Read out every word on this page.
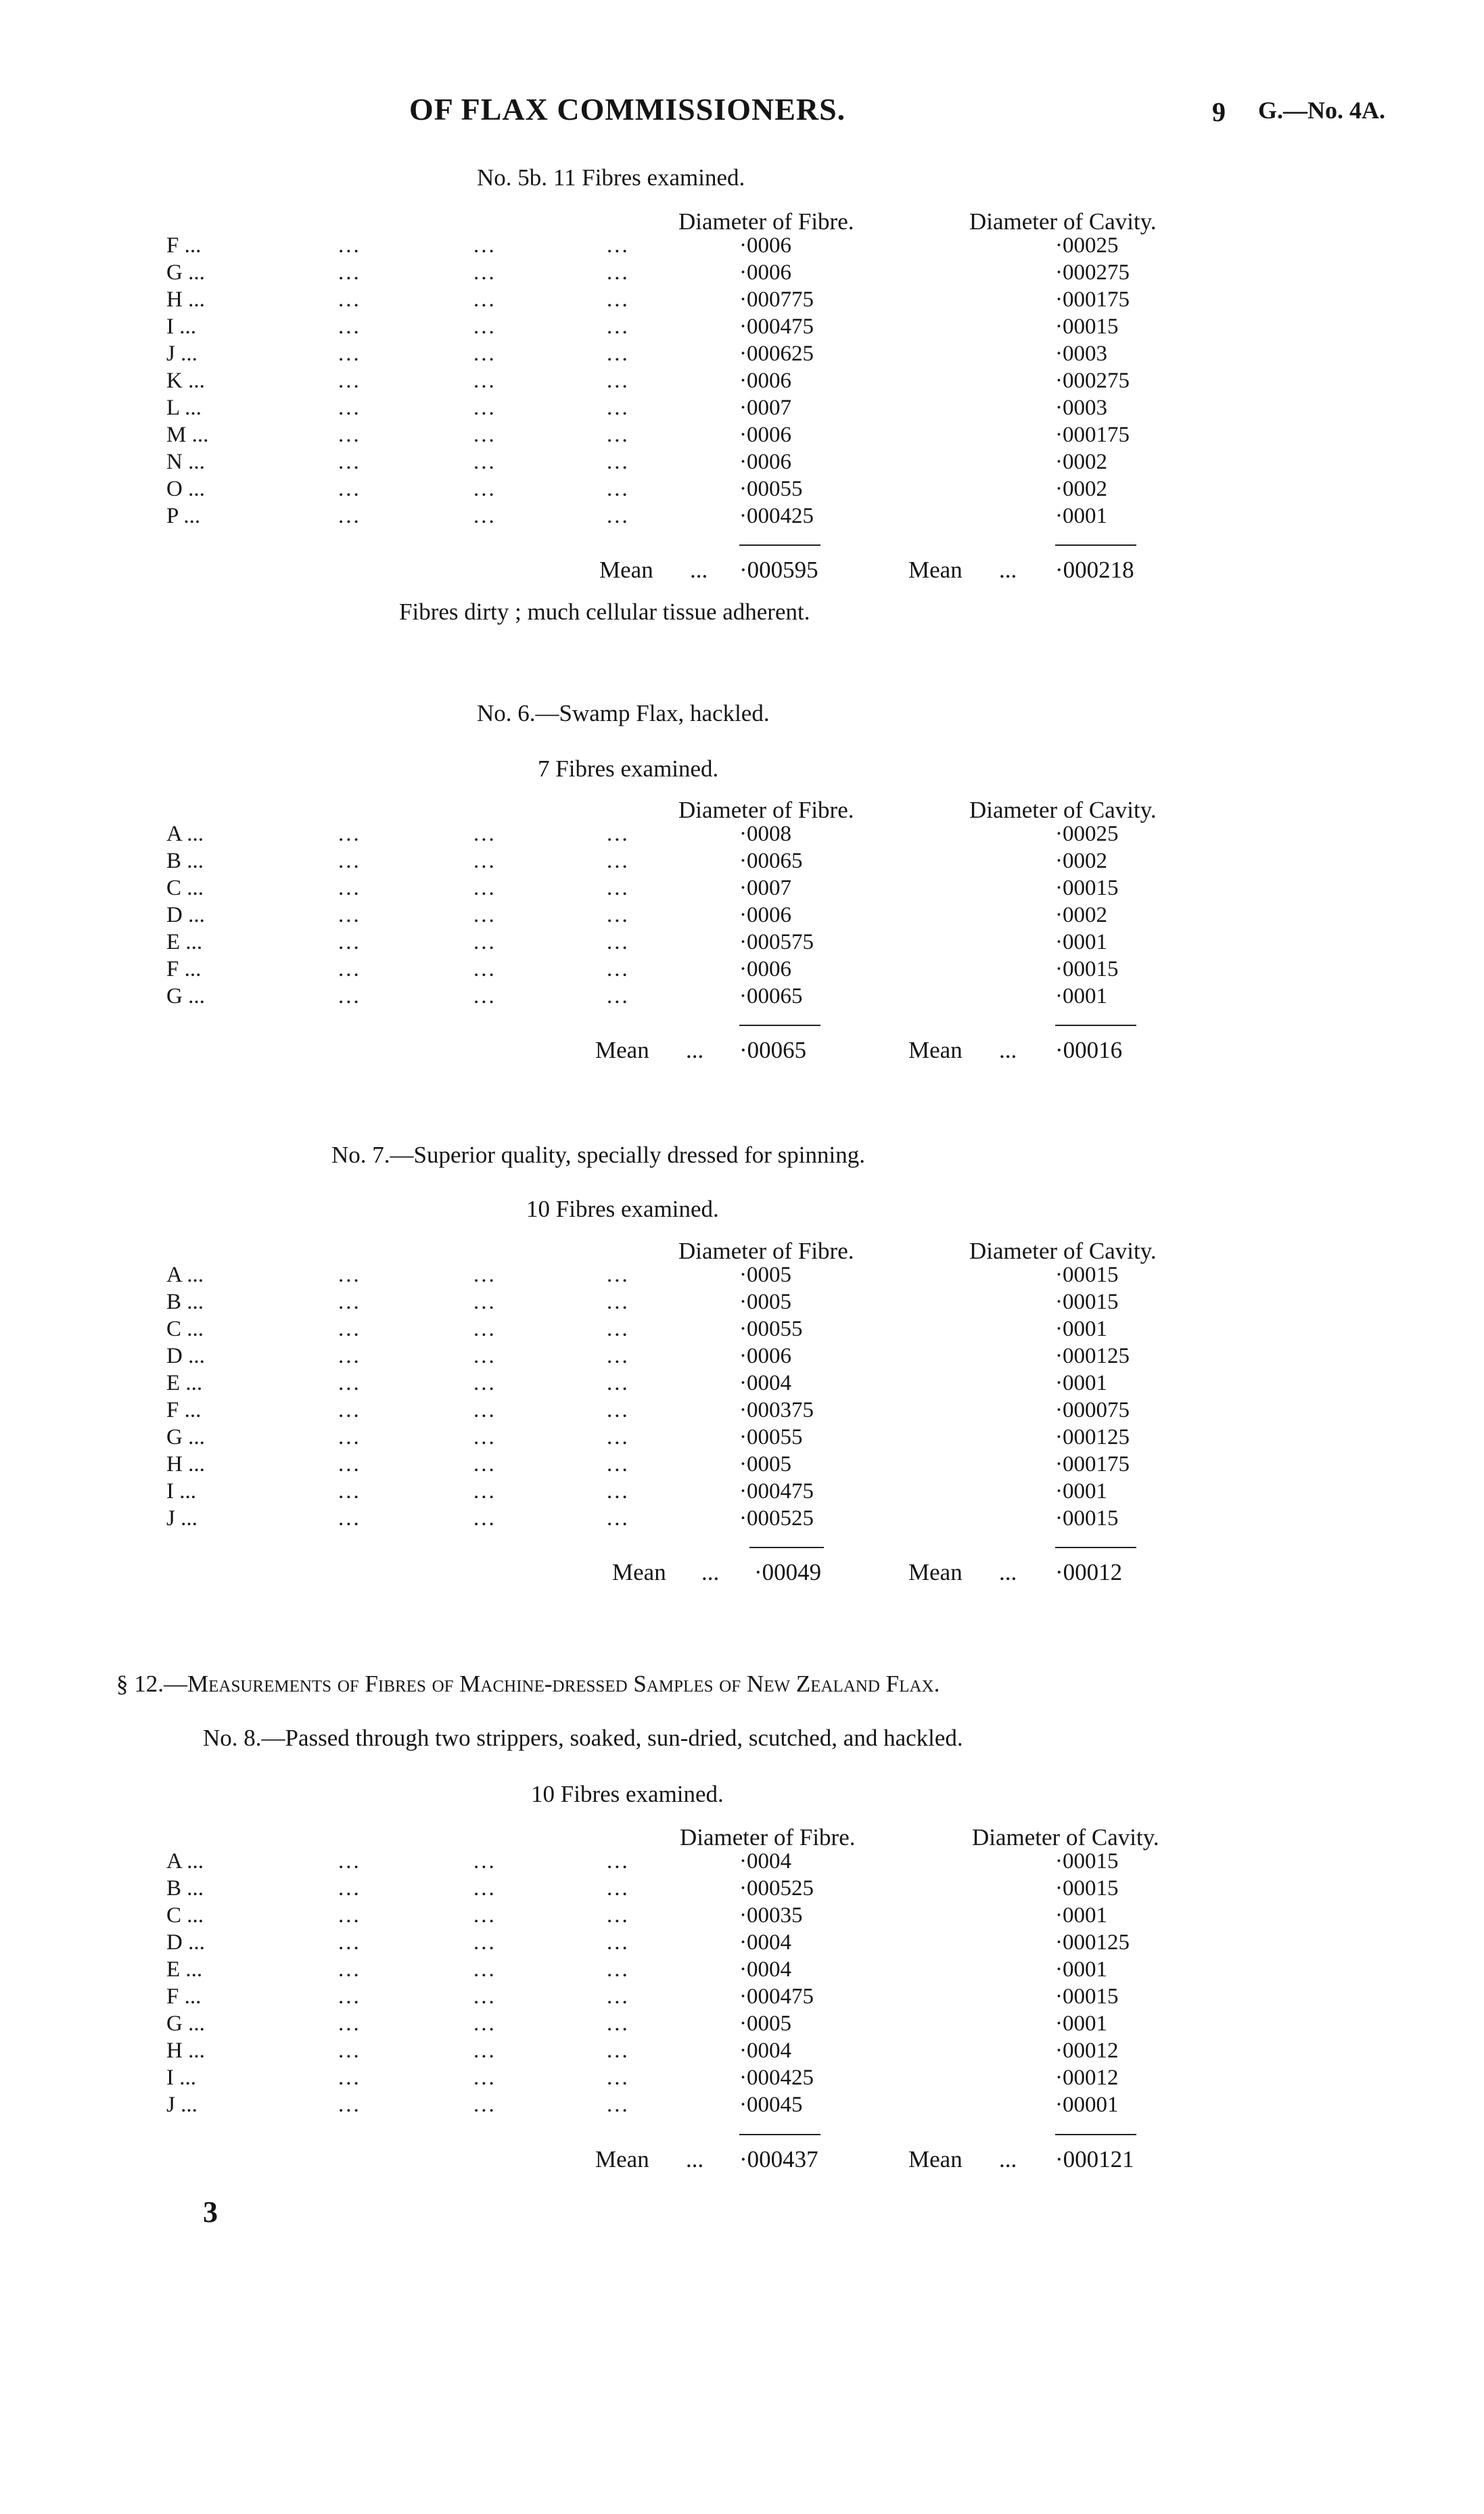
OF FLAX COMMISSIONERS.	9 G.—No. 4A.
No. 5b. 11 Fibres examined.
Diameter of Fibre.	Diameter of Cavity.
F ...	...	...	...	·0006	·00025
G ...	...	...	...	·0006	·000275
H ...	...	...	...	·000775	·000175
I ...	...	...	...	·000475	·00015
J ...	...	...	...	·000625	·0003
K ...	...	...	...	·0006	·000275
L ...	...	...	...	·0007	·0003
M ...	...	...	...	·0006	·000175
N ...	...	...	...	·0006	·0002
O ...	...	...	...	·00055	·0002
P ...	...	...	...	·000425	·0001
Mean ... ·000595	Mean ... ·000218
Fibres dirty ; much cellular tissue adherent.
No. 6.—Swamp Flax, hackled.
7 Fibres examined.
Diameter of Fibre.	Diameter of Cavity.
A ...	...	...	...	·0008	·00025
B ...	...	...	...	·00065	·0002
C ...	...	...	...	·0007	·00015
D ...	...	...	...	·0006	·0002
E ...	...	...	...	·000575	·0001
F ...	...	...	...	·0006	·00015
G ...	...	...	...	·00065	·0001
Mean ... ·00065	Mean ... ·00016
No. 7.—Superior quality, specially dressed for spinning.
10 Fibres examined.
Diameter of Fibre.	Diameter of Cavity.
A ...	...	...	...	·0005	·00015
B ...	...	...	...	·0005	·00015
C ...	...	...	...	·00055	·0001
D ...	...	...	...	·0006	·000125
E ...	...	...	...	·0004	·0001
F ...	...	...	...	·000375	·000075
G ...	...	...	...	·00055	·000125
H ...	...	...	...	·0005	·000175
I ...	...	...	...	·000475	·0001
J ...	...	...	...	·000525	·00015
Mean ... ·00049	Mean ... ·00012
§ 12.—Measurements of Fibres of Machine-dressed Samples of New Zealand Flax.
No. 8.—Passed through two strippers, soaked, sun-dried, scutched, and hackled.
10 Fibres examined.
Diameter of Fibre.	Diameter of Cavity.
A ...	...	...	...	·0004	·00015
B ...	...	...	...	·000525	·00015
C ...	...	...	...	·00035	·0001
D ...	...	...	...	·0004	·000125
E ...	...	...	...	·0004	·0001
F ...	...	...	...	·000475	·00015
G ...	...	...	...	·0005	·0001
H ...	...	...	...	·0004	·00012
I ...	...	...	...	·000425	·00012
J ...	...	...	...	·00045	·00001
Mean ... ·000437	Mean ... ·000121
3
